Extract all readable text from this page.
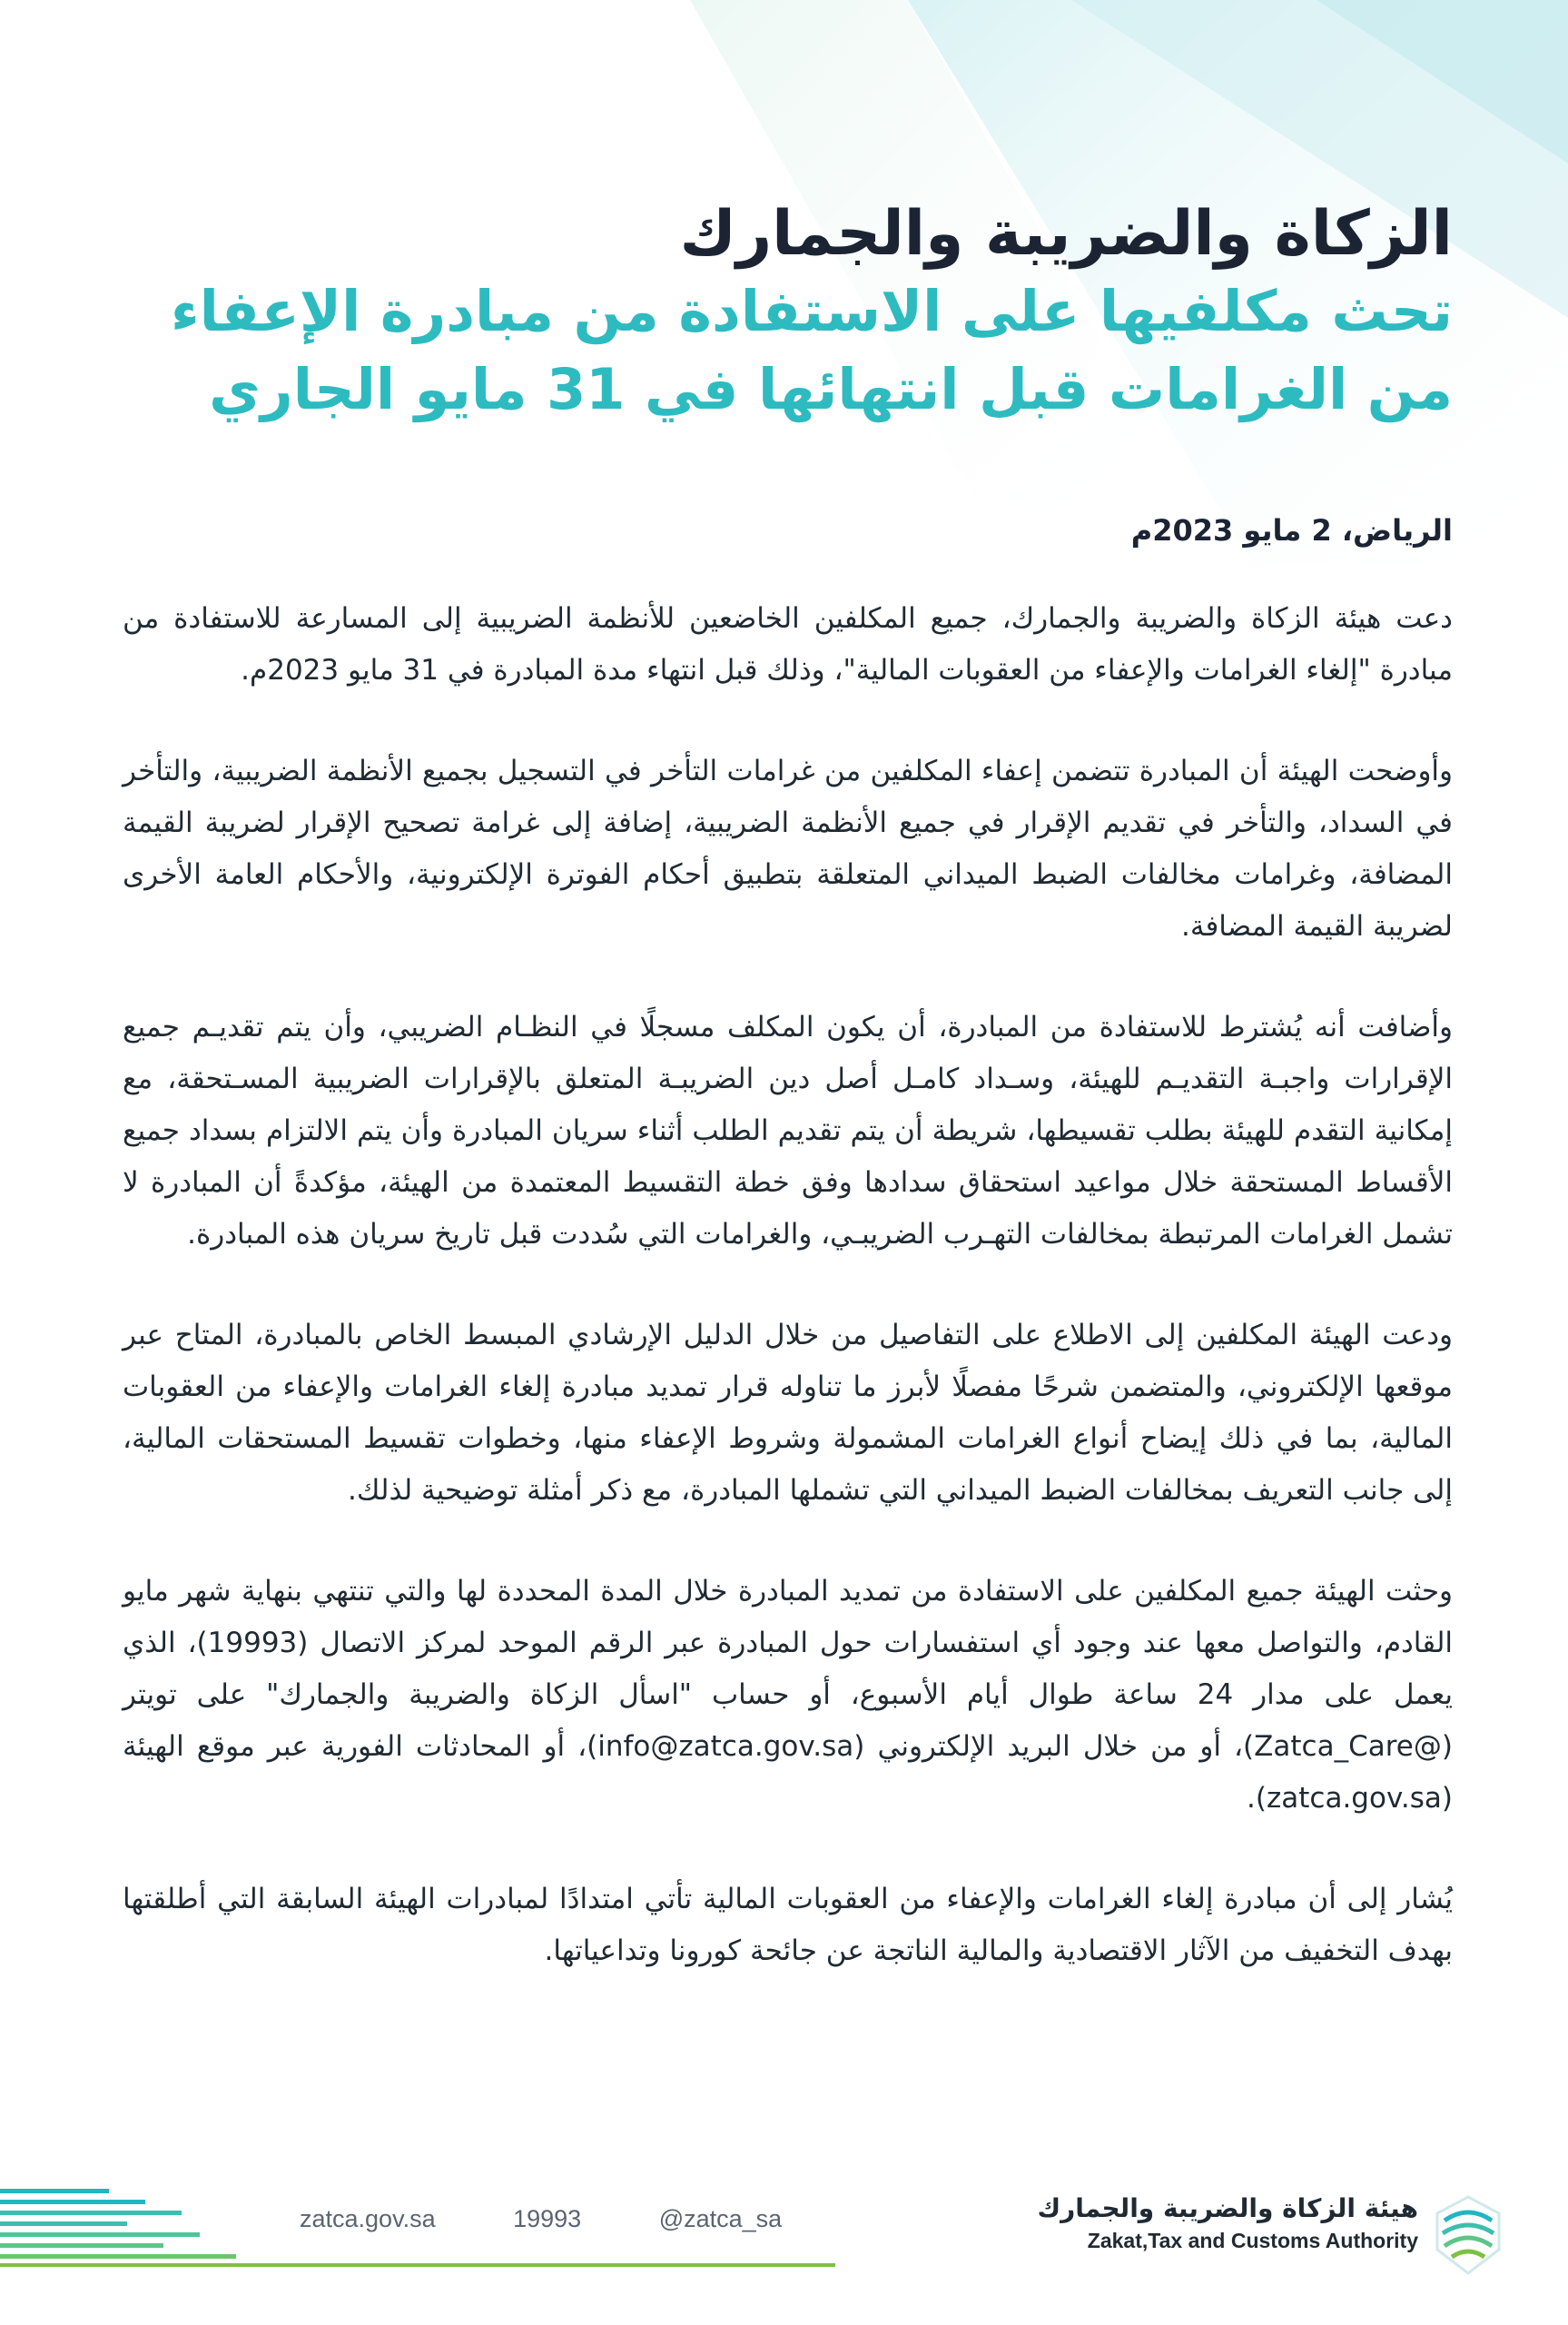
الزكاة والضريبة والجمارك
تحث مكلفيها على الاستفادة من مبادرة الإعفاء
من الغرامات قبل انتهائها في 31 مايو الجاري
الرياض، 2 مايو 2023م

دعت هيئة الزكاة والضريبة والجمارك، جميع المكلفين الخاضعين للأنظمة الضريبية إلى المسارعة للاستفادة من مبادرة "إلغاء الغرامات والإعفاء من العقوبات المالية"، وذلك قبل انتهاء مدة المبادرة في 31 مايو 2023م.

وأوضحت الهيئة أن المبادرة تتضمن إعفاء المكلفين من غرامات التأخر في التسجيل بجميع الأنظمة الضريبية، والتأخر في السداد، والتأخر في تقديم الإقرار في جميع الأنظمة الضريبية، إضافة إلى غرامة تصحيح الإقرار لضريبة القيمة المضافة، وغرامات مخالفات الضبط الميداني المتعلقة بتطبيق أحكام الفوترة الإلكترونية، والأحكام العامة الأخرى لضريبة القيمة المضافة.

وأضافت أنه يُشترط للاستفادة من المبادرة، أن يكون المكلف مسجلًا في النظـام الضريبي، وأن يتم تقديـم جميع الإقرارات واجبـة التقديـم للهيئة، وسـداد كامـل أصل دين الضريبـة المتعلق بالإقرارات الضريبية المسـتحقة، مع إمكانية التقدم للهيئة بطلب تقسيطها، شريطة أن يتم تقديم الطلب أثناء سريان المبادرة وأن يتم الالتزام بسداد جميع الأقساط المستحقة خلال مواعيد استحقاق سدادها وفق خطة التقسيط المعتمدة من الهيئة، مؤكدةً أن المبادرة لا تشمل الغرامات المرتبطة بمخالفات التهـرب الضريبـي، والغرامات التي سُددت قبل تاريخ سريان هذه المبادرة.

ودعت الهيئة المكلفين إلى الاطلاع على التفاصيل من خلال الدليل الإرشادي المبسط الخاص بالمبادرة، المتاح عبر موقعها الإلكتروني، والمتضمن شرحًا مفصلًا لأبرز ما تناوله قرار تمديد مبادرة إلغاء الغرامات والإعفاء من العقوبات المالية، بما في ذلك إيضاح أنواع الغرامات المشمولة وشروط الإعفاء منها، وخطوات تقسيط المستحقات المالية، إلى جانب التعريف بمخالفات الضبط الميداني التي تشملها المبادرة، مع ذكر أمثلة توضيحية لذلك.

وحثت الهيئة جميع المكلفين على الاستفادة من تمديد المبادرة خلال المدة المحددة لها والتي تنتهي بنهاية شهر مايو القادم، والتواصل معها عند وجود أي استفسارات حول المبادرة عبر الرقم الموحد لمركز الاتصال (19993)، الذي يعمل على مدار 24 ساعة طوال أيام الأسبوع، أو حساب "اسأل الزكاة والضريبة والجمارك" على تويتر (@Zatca_Care)، أو من خلال البريد الإلكتروني (info@zatca.gov.sa)، أو المحادثات الفورية عبر موقع الهيئة (zatca.gov.sa).

يُشار إلى أن مبادرة إلغاء الغرامات والإعفاء من العقوبات المالية تأتي امتدادًا لمبادرات الهيئة السابقة التي أطلقتها بهدف التخفيف من الآثار الاقتصادية والمالية الناتجة عن جائحة كورونا وتداعياتها.

zatca.gov.sa	19993	@zatca_sa	هيئة الزكاة والضريبة والجمارك
Zakat,Tax and Customs Authority
